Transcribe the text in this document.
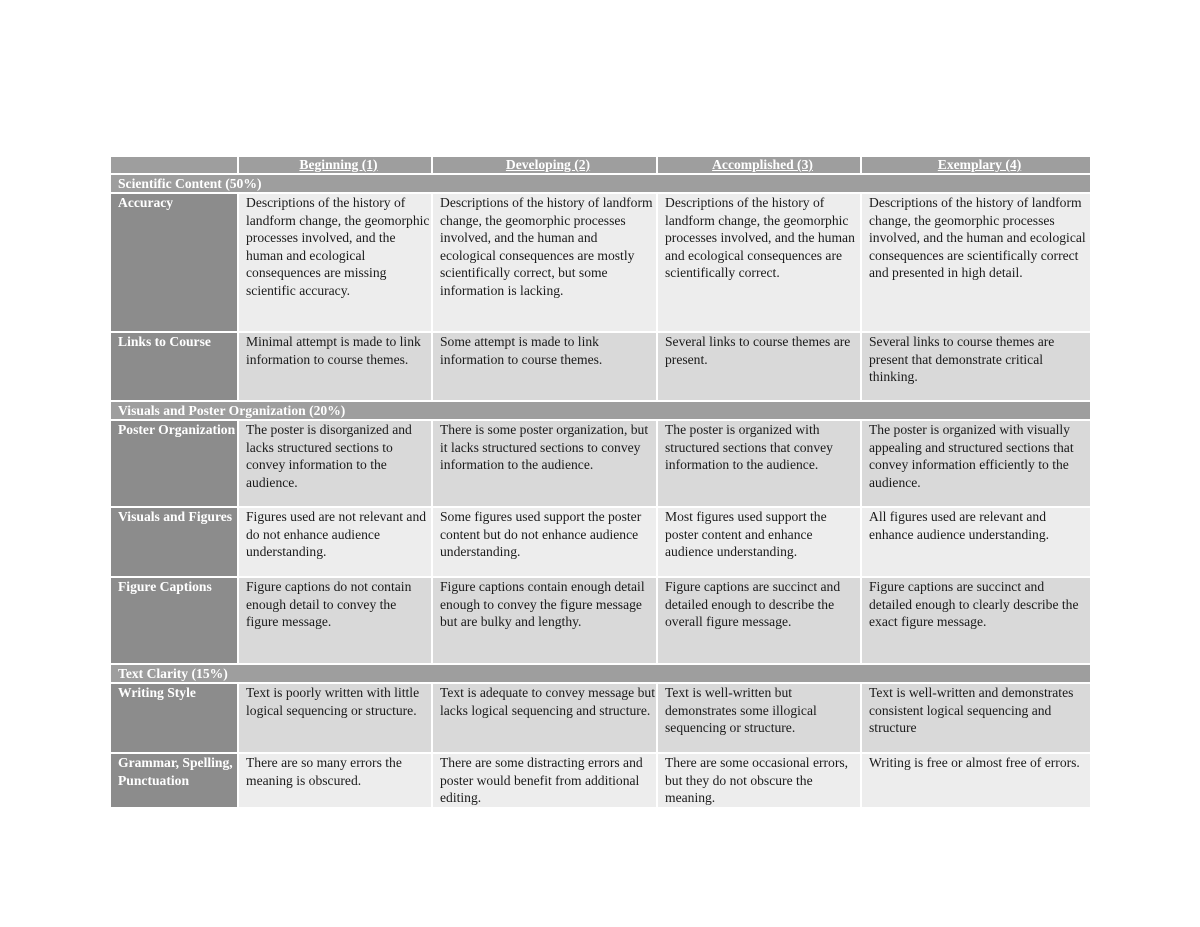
	Beginning (1)	Developing (2)	Accomplished (3)	Exemplary (4)
Scientific Content (50%)				
Accuracy	Descriptions of the history of landform change, the geomorphic processes involved, and the human and ecological consequences are missing scientific accuracy.	Descriptions of the history of landform change, the geomorphic processes involved, and the human and ecological consequences are mostly scientifically correct, but some information is lacking.	Descriptions of the history of landform change, the geomorphic processes involved, and the human and ecological consequences are scientifically correct.	Descriptions of the history of landform change, the geomorphic processes involved, and the human and ecological consequences are scientifically correct and presented in high detail.
Links to Course	Minimal attempt is made to link information to course themes.	Some attempt is made to link information to course themes.	Several links to course themes are present.	Several links to course themes are present that demonstrate critical thinking.
Visuals and Poster Organization (20%)				
Poster Organization	The poster is disorganized and lacks structured sections to convey information to the audience.	There is some poster organization, but it lacks structured sections to convey information to the audience.	The poster is organized with structured sections that convey information to the audience.	The poster is organized with visually appealing and structured sections that convey information efficiently to the audience.
Visuals and Figures	Figures used are not relevant and do not enhance audience understanding.	Some figures used support the poster content but do not enhance audience understanding.	Most figures used support the poster content and enhance audience understanding.	All figures used are relevant and enhance audience understanding.
Figure Captions	Figure captions do not contain enough detail to convey the figure message.	Figure captions contain enough detail enough to convey the figure message but are bulky and lengthy.	Figure captions are succinct and detailed enough to describe the overall figure message.	Figure captions are succinct and detailed enough to clearly describe the exact figure message.
Text Clarity (15%)				
Writing Style	Text is poorly written with little logical sequencing or structure.	Text is adequate to convey message but lacks logical sequencing and structure.	Text is well-written but demonstrates some illogical sequencing or structure.	Text is well-written and demonstrates consistent logical sequencing and structure
Grammar, Spelling, Punctuation	There are so many errors the meaning is obscured.	There are some distracting errors and poster would benefit from additional editing.	There are some occasional errors, but they do not obscure the meaning.	Writing is free or almost free of errors.
